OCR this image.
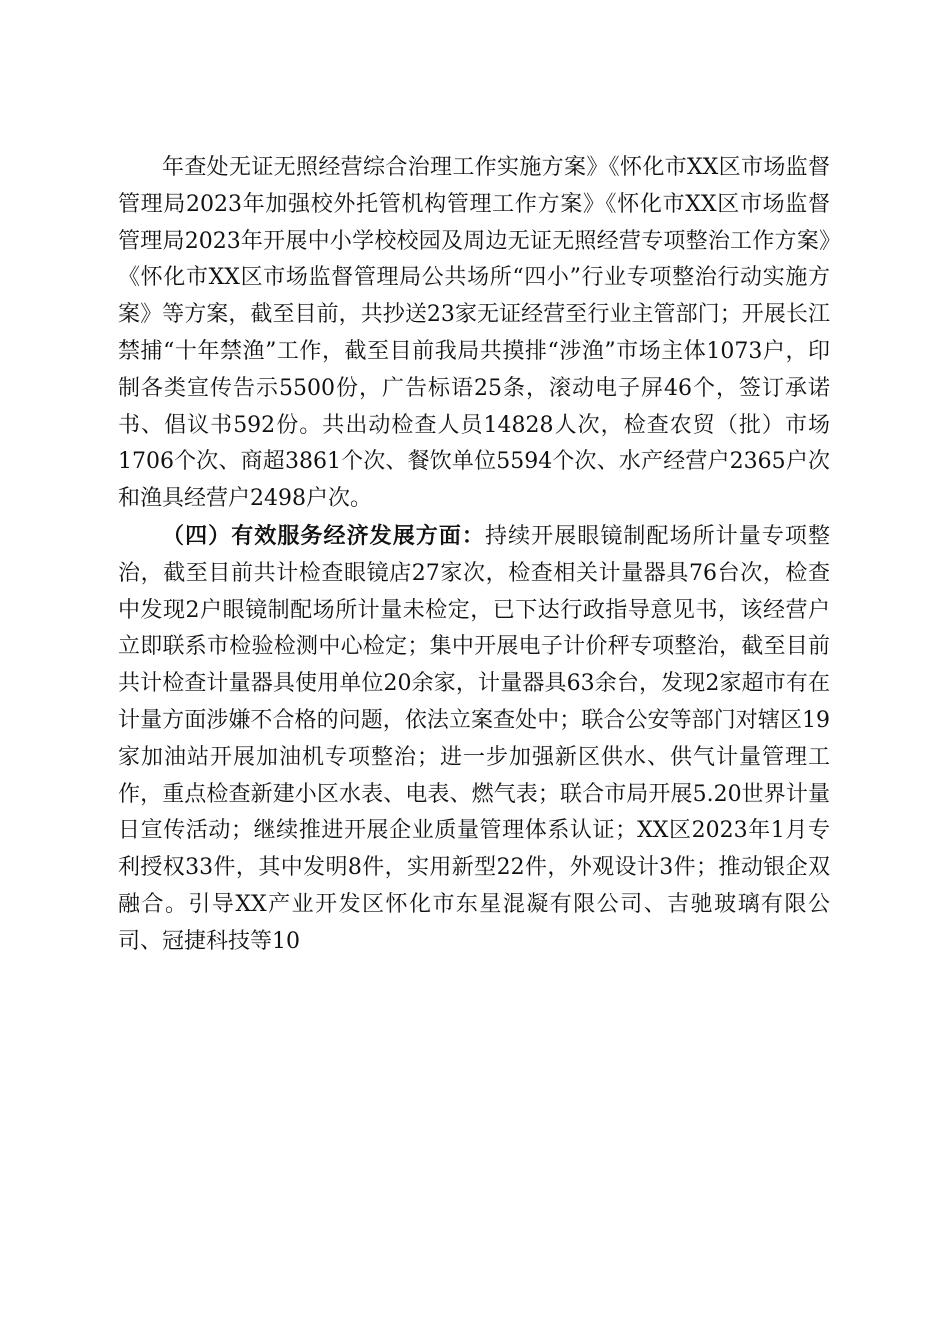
年查处无证无照经营综合治理工作实施方案》《怀化市XX区市场监督管理局2023年加强校外托管机构管理工作方案》《怀化市XX区市场监督管理局2023年开展中小学校校园及周边无证无照经营专项整治工作方案》《怀化市XX区市场监督管理局公共场所“四小”行业专项整治行动实施方案》等方案，截至目前，共抄送23家无证经营至行业主管部门；开展长江禁捕“十年禁渔”工作，截至目前我局共摸排“涉渔”市场主体1073户，印制各类宣传告示5500份，广告标语25条，滚动电子屏46个，签订承诺书、倡议书592份。共出动检查人员14828人次，检查农贸（批）市场1706个次、商超3861个次、餐饮单位5594个次、水产经营户2365户次和渔具经营户2498户次。

（四）有效服务经济发展方面：持续开展眼镜制配场所计量专项整治，截至目前共计检查眼镜店27家次，检查相关计量器具76台次，检查中发现2户眼镜制配场所计量未检定，已下达行政指导意见书，该经营户立即联系市检验检测中心检定；集中开展电子计价秤专项整治，截至目前共计检查计量器具使用单位20余家，计量器具63余台，发现2家超市有在计量方面涉嫌不合格的问题，依法立案查处中；联合公安等部门对辖区19家加油站开展加油机专项整治；进一步加强新区供水、供气计量管理工作，重点检查新建小区水表、电表、燃气表；联合市局开展5.20世界计量日宣传活动；继续推进开展企业质量管理体系认证；XX区2023年1月专利授权33件，其中发明8件，实用新型22件，外观设计3件；推动银企双融合。引导XX产业开发区怀化市东星混凝有限公司、吉驰玻璃有限公司、冠捷科技等10
